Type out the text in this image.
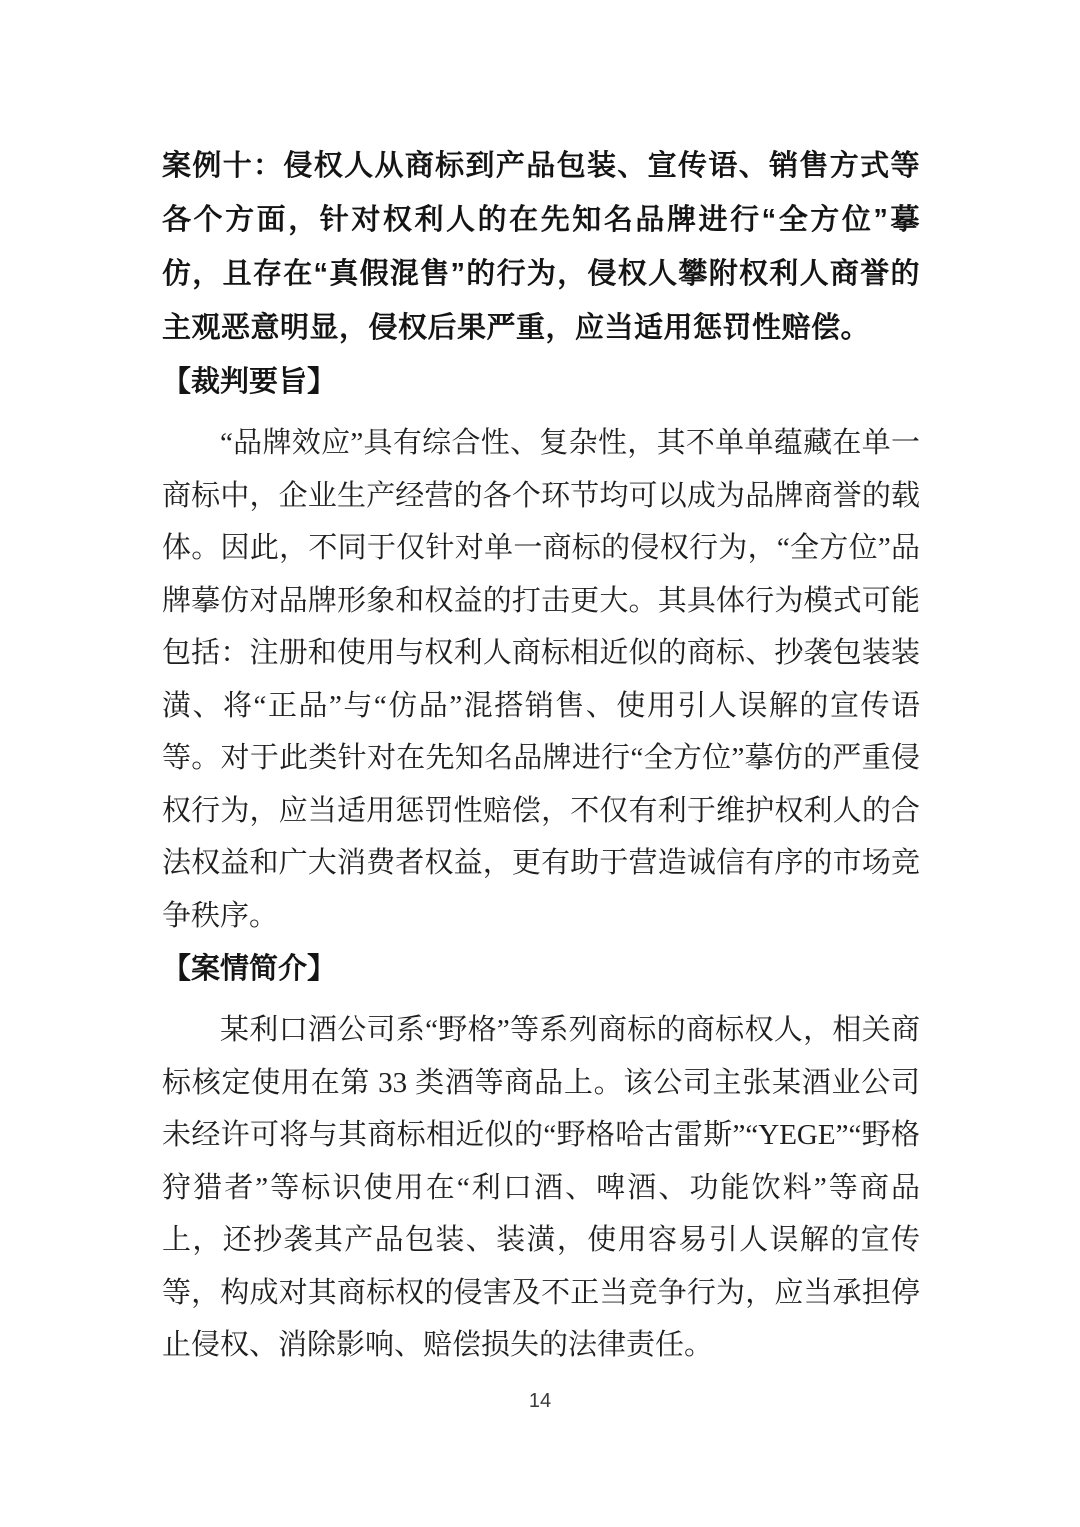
案例十：侵权人从商标到产品包装、宣传语、销售方式等各个方面，针对权利人的在先知名品牌进行“全方位”摹仿，且存在“真假混售”的行为，侵权人攀附权利人商誉的主观恶意明显，侵权后果严重，应当适用惩罚性赔偿。
【裁判要旨】

“品牌效应”具有综合性、复杂性，其不单单蕴藏在单一商标中，企业生产经营的各个环节均可以成为品牌商誉的载体。因此，不同于仅针对单一商标的侵权行为，“全方位”品牌摹仿对品牌形象和权益的打击更大。其具体行为模式可能包括：注册和使用与权利人商标相近似的商标、抄袭包装装潢、将“正品”与“仿品”混搭销售、使用引人误解的宣传语等。对于此类针对在先知名品牌进行“全方位”摹仿的严重侵权行为，应当适用惩罚性赔偿，不仅有利于维护权利人的合法权益和广大消费者权益，更有助于营造诚信有序的市场竞争秩序。

【案情简介】

某利口酒公司系“野格”等系列商标的商标权人，相关商标核定使用在第 33 类酒等商品上。该公司主张某酒业公司未经许可将与其商标相近似的“野格哈古雷斯”“YEGE”“野格狩猎者”等标识使用在“利口酒、啤酒、功能饮料”等商品上，还抄袭其产品包装、装潢，使用容易引人误解的宣传等，构成对其商标权的侵害及不正当竞争行为，应当承担停止侵权、消除影响、赔偿损失的法律责任。

14
